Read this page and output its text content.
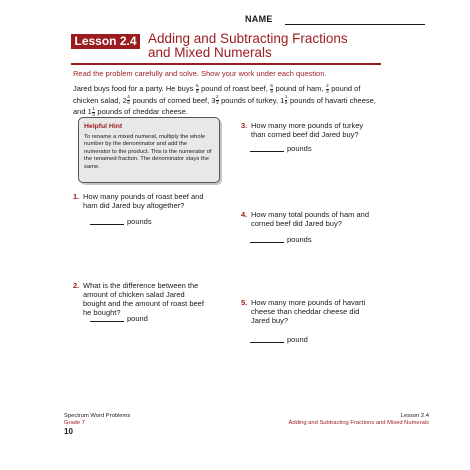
NAME
Lesson 2.4 Adding and Subtracting Fractions
and Mixed Numerals
Read the problem carefully and solve. Show your work under each question.
Jared buys food for a party. He buys $\frac{5}{8}$ pound of roast beef, $\frac{5}{9}$ pound of ham, $\frac{2}{3}$ pound of chicken salad, $2 \frac{4}{6}$ pounds of corned beef, $3 \frac{2}{3}$ pounds of turkey, $1 \frac{1}{9}$ pounds of havarti cheese, and $1 \frac{1}{3}$ pounds of cheddar cheese.
Helpful Hint
To rename a mixed numeral, multiply the whole number by the denominator and add the numerator to the product. This is the numerator of the renamed fraction. The denominator stays the same.
1. How many pounds of roast beef and ham did Jared buy altogether?
pounds
2. What is the difference between the amount of chicken salad Jared bought and the amount of roast beef he bought?
pound
3. How many more pounds of turkey than corned beef did Jared buy?
pounds
4. How many total pounds of ham and corned beef did Jared buy?
pounds
5. How many more pounds of havarti cheese than cheddar cheese did Jared buy?
pound
Spectrum Word Problems
Grade 7
Lesson 2.4
Adding and Subtracting Fractions and Mixed Numerals
10
